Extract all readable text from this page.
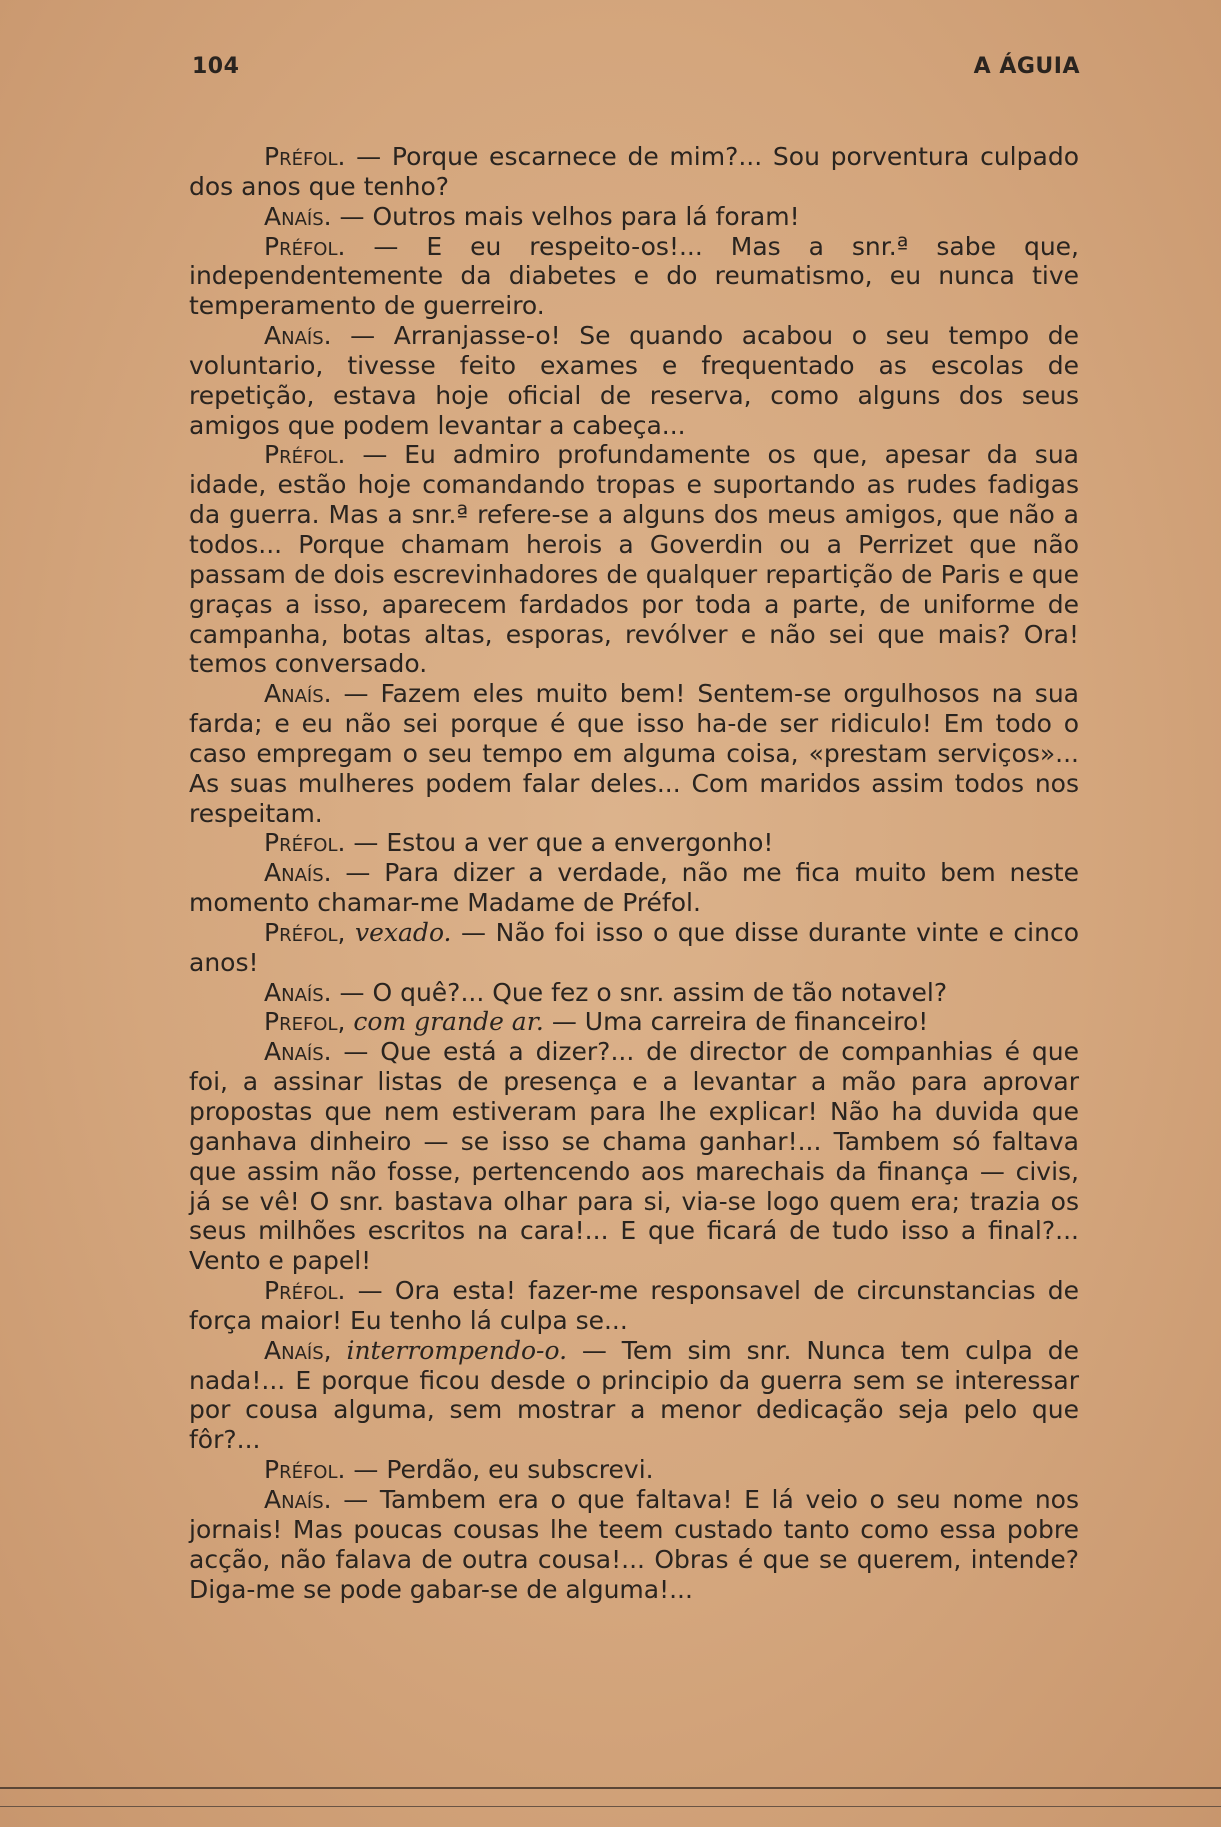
104	A ÁGUIA

Préfol. — Porque escarnece de mim?... Sou porventura culpado dos anos que tenho?

Anaís. — Outros mais velhos para lá foram!

Préfol. — E eu respeito-os!... Mas a snr.ª sabe que, independentemente da diabetes e do reumatismo, eu nunca tive temperamento de guerreiro.

Anaís. — Arranjasse-o! Se quando acabou o seu tempo de voluntario, tivesse feito exames e frequentado as escolas de repetição, estava hoje oficial de reserva, como alguns dos seus amigos que podem levantar a cabeça...

Préfol. — Eu admiro profundamente os que, apesar da sua idade, estão hoje comandando tropas e suportando as rudes fadigas da guerra. Mas a snr.ª refere-se a alguns dos meus amigos, que não a todos... Porque chamam herois a Goverdin ou a Perrizet que não passam de dois escrevinhadores de qualquer repartição de Paris e que graças a isso, aparecem fardados por toda a parte, de uniforme de campanha, botas altas, esporas, revólver e não sei que mais? Ora! temos conversado.

Anaís. — Fazem eles muito bem! Sentem-se orgulhosos na sua farda; e eu não sei porque é que isso ha-de ser ridiculo! Em todo o caso empregam o seu tempo em alguma coisa, «prestam serviços»... As suas mulheres podem falar deles... Com maridos assim todos nos respeitam.

Préfol. — Estou a ver que a envergonho!

Anaís. — Para dizer a verdade, não me fica muito bem neste momento chamar-me Madame de Préfol.

Préfol, vexado. — Não foi isso o que disse durante vinte e cinco anos!

Anaís. — O quê?... Que fez o snr. assim de tão notavel?

Prefol, com grande ar. — Uma carreira de financeiro!

Anaís. — Que está a dizer?... de director de companhias é que foi, a assinar listas de presença e a levantar a mão para aprovar propostas que nem estiveram para lhe explicar! Não ha duvida que ganhava dinheiro — se isso se chama ganhar!... Tambem só faltava que assim não fosse, pertencendo aos marechais da finança — civis, já se vê! O snr. bastava olhar para si, via-se logo quem era; trazia os seus milhões escritos na cara!... E que ficará de tudo isso a final?... Vento e papel!

Préfol. — Ora esta! fazer-me responsavel de circunstancias de força maior! Eu tenho lá culpa se...

Anaís, interrompendo-o. — Tem sim snr. Nunca tem culpa de nada!... E porque ficou desde o principio da guerra sem se interessar por cousa alguma, sem mostrar a menor dedicação seja pelo que fôr?...

Préfol. — Perdão, eu subscrevi.

Anaís. — Tambem era o que faltava! E lá veio o seu nome nos jornais! Mas poucas cousas lhe teem custado tanto como essa pobre acção, não falava de outra cousa!... Obras é que se querem, intende? Diga-me se pode gabar-se de alguma!...
